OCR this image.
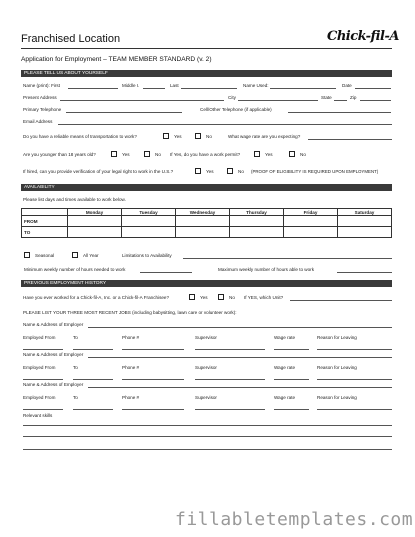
Franchised Location	Chick-fil-A
Application for Employment – TEAM MEMBER STANDARD (v. 2)
PLEASE TELL US ABOUT YOURSELF
Name (print): First	Middle I.	Last	Name Used:	Date
Present Address	City	State	Zip
Primary Telephone	Cell/Other Telephone (if applicable)
Email Address
Do you have a reliable means of transportation to work?	Yes	No	What wage rate are you expecting?
Are you younger than 18 years old?	Yes	No If Yes, do you have a work permit?	Yes	No
If hired, can you provide verification of your legal right to work in the U.S.?	Yes	No (PROOF OF ELIGIBILITY IS REQUIRED UPON EMPLOYMENT)
AVAILABILITY
Please list days and times available to work below.
	Monday	Tuesday	Wednesday	Thursday	Friday	Saturday
FROM						
TO						
Seasonal	All Year	Limitations to Availability
Minimum weekly number of hours needed to work	Maximum weekly number of hours able to work
PREVIOUS EMPLOYMENT HISTORY
Have you ever worked for a Chick-fil-A, Inc. or a Chick-fil-A Franchisee?	Yes	No If YES, which Unit?
PLEASE LIST YOUR THREE MOST RECENT JOBS (including babysitting, lawn care or volunteer work):
Name & Address of Employer
Employed From	To	Phone #	Supervisor	Wage rate	Reason for Leaving
Name & Address of Employer
Employed From	To	Phone #	Supervisor	Wage rate	Reason for Leaving
Name & Address of Employer
Employed From	To	Phone #	Supervisor	Wage rate	Reason for Leaving
Relevant skills
fillabletemplates.com
